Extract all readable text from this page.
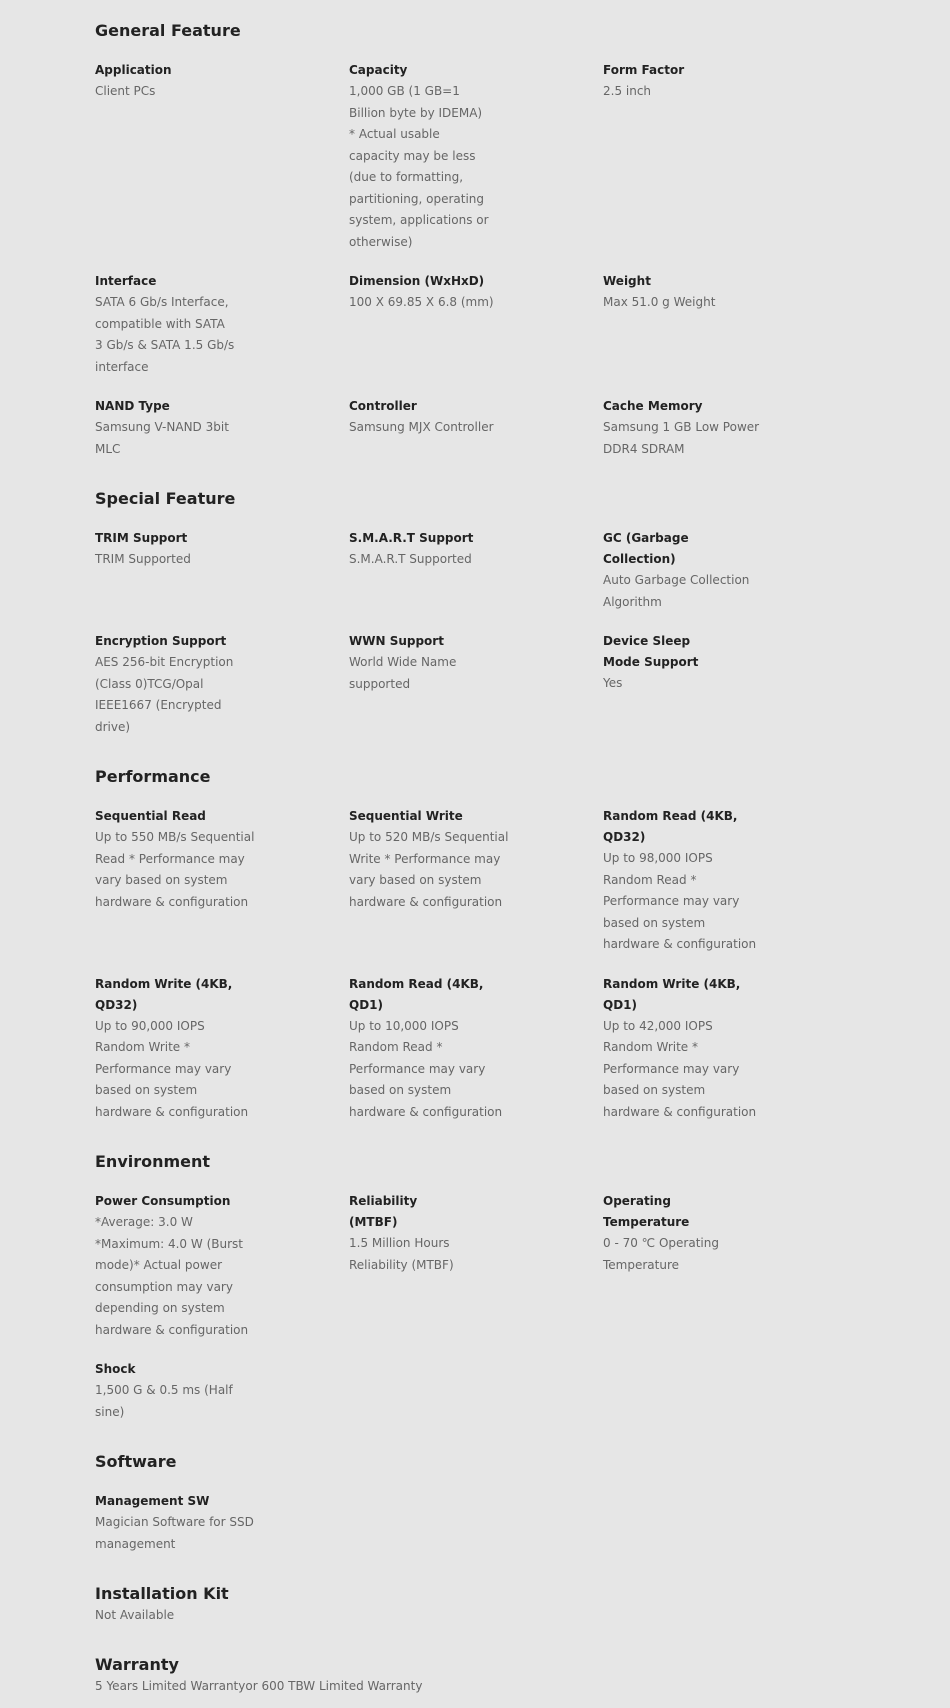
General Feature
Application
Client PCs
Capacity
1,000 GB (1 GB=1 Billion byte by IDEMA) * Actual usable capacity may be less (due to formatting, partitioning, operating system, applications or otherwise)
Form Factor
2.5 inch
Interface
SATA 6 Gb/s Interface, compatible with SATA 3 Gb/s & SATA 1.5 Gb/s interface
Dimension (WxHxD)
100 X 69.85 X 6.8 (mm)
Weight
Max 51.0 g Weight
NAND Type
Samsung V-NAND 3bit MLC
Controller
Samsung MJX Controller
Cache Memory
Samsung 1 GB Low Power DDR4 SDRAM
Special Feature
TRIM Support
TRIM Supported
S.M.A.R.T Support
S.M.A.R.T Supported
GC (Garbage Collection)
Auto Garbage Collection Algorithm
Encryption Support
AES 256-bit Encryption (Class 0)TCG/Opal IEEE1667 (Encrypted drive)
WWN Support
World Wide Name supported
Device Sleep Mode Support
Yes
Performance
Sequential Read
Up to 550 MB/s Sequential Read * Performance may vary based on system hardware & configuration
Sequential Write
Up to 520 MB/s Sequential Write * Performance may vary based on system hardware & configuration
Random Read (4KB, QD32)
Up to 98,000 IOPS Random Read * Performance may vary based on system hardware & configuration
Random Write (4KB, QD32)
Up to 90,000 IOPS Random Write * Performance may vary based on system hardware & configuration
Random Read (4KB, QD1)
Up to 10,000 IOPS Random Read * Performance may vary based on system hardware & configuration
Random Write (4KB, QD1)
Up to 42,000 IOPS Random Write * Performance may vary based on system hardware & configuration
Environment
Power Consumption
*Average: 3.0 W *Maximum: 4.0 W (Burst mode)* Actual power consumption may vary depending on system hardware & configuration
Reliability (MTBF)
1.5 Million Hours Reliability (MTBF)
Operating Temperature
0 - 70 ℃ Operating Temperature
Shock
1,500 G & 0.5 ms (Half sine)
Software
Management SW
Magician Software for SSD management
Installation Kit
Not Available
Warranty
5 Years Limited Warrantyor 600 TBW Limited Warranty
